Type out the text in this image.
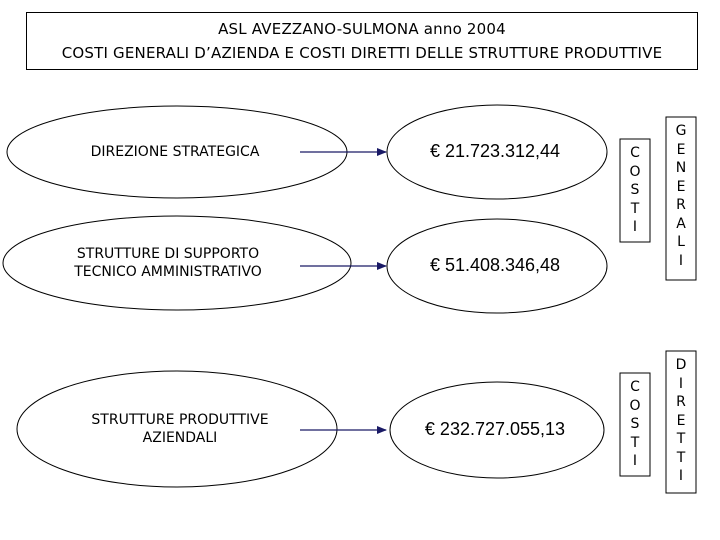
ASL AVEZZANO-SULMONA anno 2004
COSTI GENERALI D’AZIENDA E COSTI DIRETTI DELLE STRUTTURE PRODUTTIVE
DIREZIONE STRATEGICA
STRUTTURE DI SUPPORTO
TECNICO AMMINISTRATIVO
STRUTTURE PRODUTTIVE
AZIENDALI
€ 21.723.312,44
€ 51.408.346,48
€ 232.727.055,13
C
O
S
T
I
G
E
N
E
R
A
L
I
C
O
S
T
I
D
I
R
E
T
T
I
